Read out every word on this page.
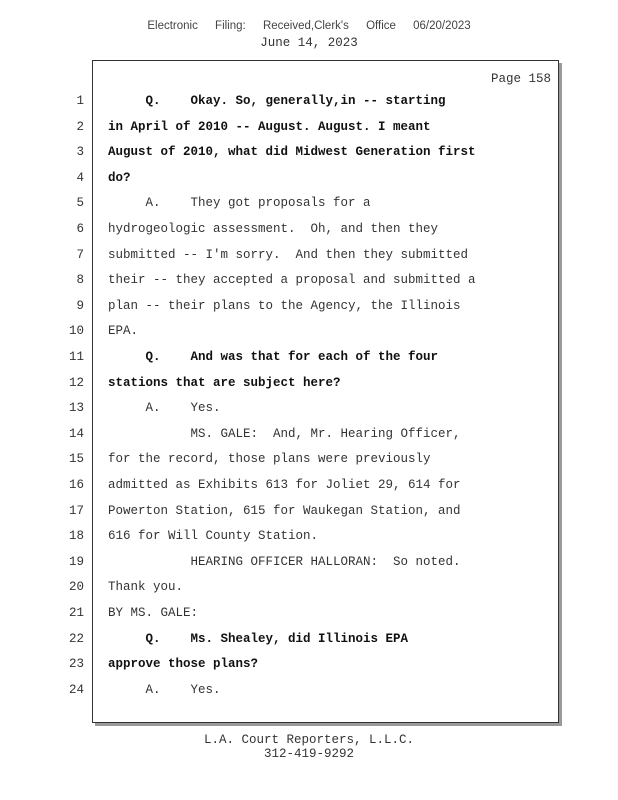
Electronic Filing: Received,Clerk's Office 06/20/2023
June 14, 2023
Page 158
1 Q.    Okay. So, generally,in -- starting
2 in April of 2010 -- August. August. I meant
3 August of 2010, what did Midwest Generation first
4 do?
5 A.    They got proposals for a
6 hydrogeologic assessment.  Oh, and then they
7 submitted -- I'm sorry.  And then they submitted
8 their -- they accepted a proposal and submitted a
9 plan -- their plans to the Agency, the Illinois
10 EPA.
11 Q.    And was that for each of the four
12 stations that are subject here?
13 A.    Yes.
14 MS. GALE:  And, Mr. Hearing Officer,
15 for the record, those plans were previously
16 admitted as Exhibits 613 for Joliet 29, 614 for
17 Powerton Station, 615 for Waukegan Station, and
18 616 for Will County Station.
19 HEARING OFFICER HALLORAN:  So noted.
20 Thank you.
21 BY MS. GALE:
22 Q.    Ms. Shealey, did Illinois EPA
23 approve those plans?
24 A.    Yes.
L.A. Court Reporters, L.L.C.
312-419-9292
